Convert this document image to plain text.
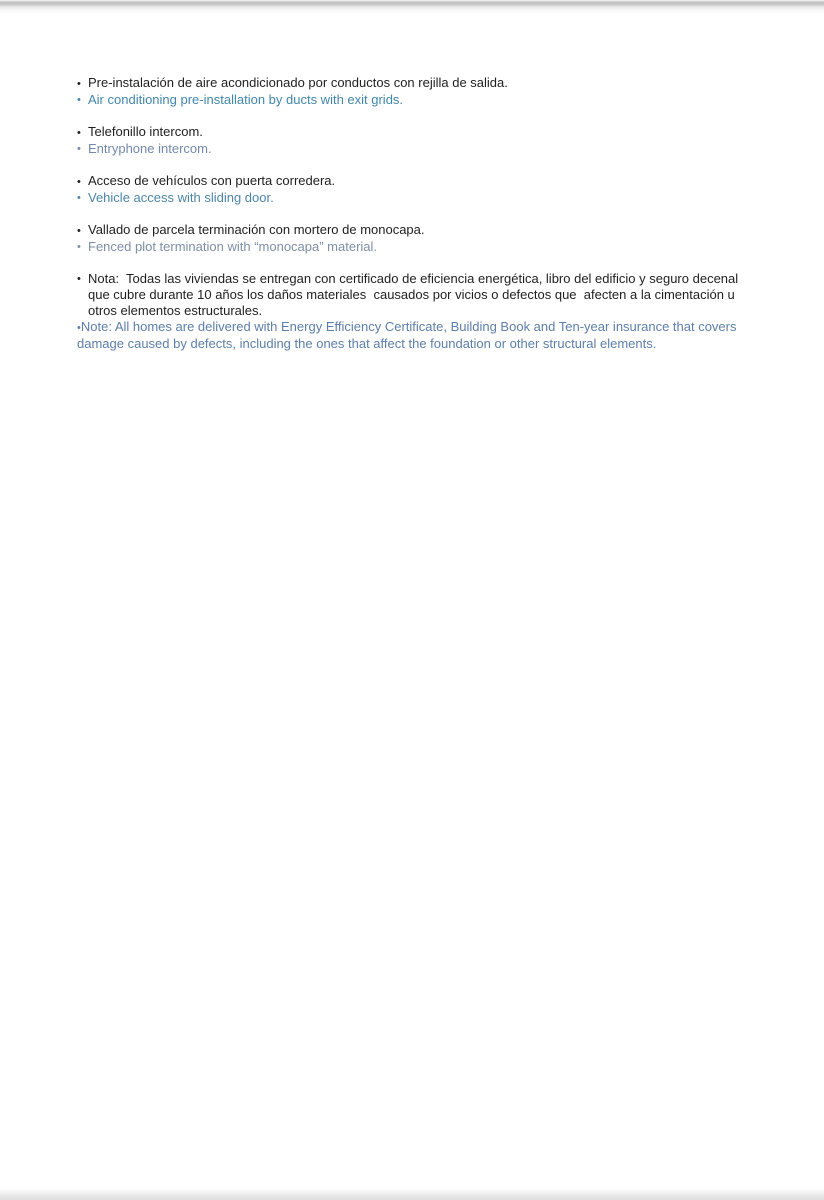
• Pre-instalación de aire acondicionado por conductos con rejilla de salida.
• Air conditioning pre-installation by ducts with exit grids.
• Telefonillo intercom.
• Entryphone intercom.
• Acceso de vehículos con puerta corredera.
• Vehicle access with sliding door.
• Vallado de parcela terminación con mortero de monocapa.
• Fenced plot termination with “monocapa” material.
• Nota:  Todas las viviendas se entregan con certificado de eficiencia energética, libro del edificio y seguro decenal que cubre durante 10 años los daños materiales  causados por vicios o defectos que  afecten a la cimentación u otros elementos estructurales.
•Note: All homes are delivered with Energy Efficiency Certificate, Building Book and Ten-year insurance that covers damage caused by defects, including the ones that affect the foundation or other structural elements.
